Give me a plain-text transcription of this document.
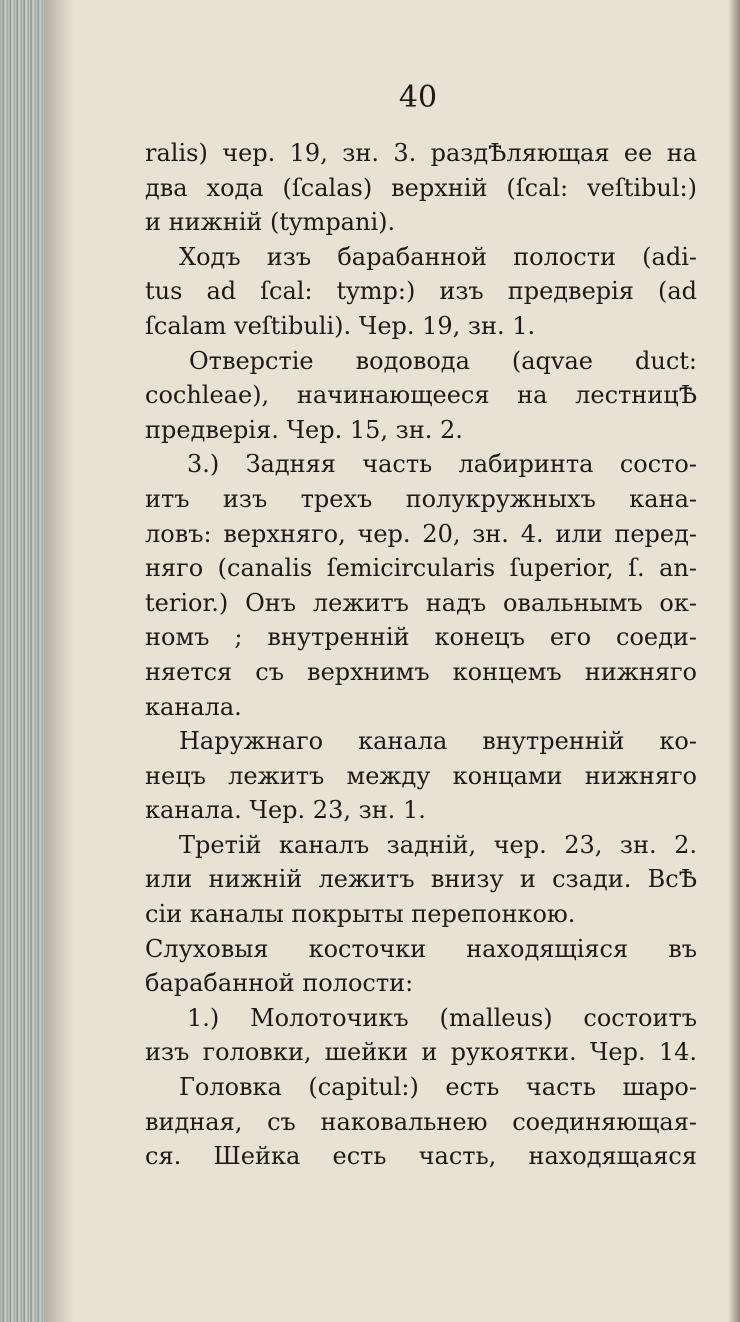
40
ralis) чер. 19, зн. 3. раздѢляющая ее на
два хода (ſcalas) верхній (ſcal: veſtibul:)
и нижній (tympani).
Ходъ изъ барабанной полости (adi-
tus ad ſcal: tymp:) изъ предверія (ad
ſcalam veſtibuli). Чер. 19, зн. 1.
Отверстіе водовода (aqvae duct:
cochleae), начинающееся на лестницѢ
предверія. Чер. 15, зн. 2.
3.) Задняя часть лабиринта состо-
итъ изъ трехъ полукружныхъ кана-
ловъ: верхняго, чер. 20, зн. 4. или перед-
няго (canalis ſemicircularis ſuperior, ſ. an-
terior.) Онъ лежитъ надъ овальнымъ ок-
номъ ; внутренній конецъ его соеди-
няется съ верхнимъ концемъ нижняго
канала.
Наружнаго канала внутренній ко-
нецъ лежитъ между концами нижняго
канала. Чер. 23, зн. 1.
Третій каналъ задній, чер. 23, зн. 2.
или нижній лежитъ внизу и сзади. ВсѢ
сіи каналы покрыты перепонкою.
Слуховыя косточки находящіяся въ
барабанной полости:
1.) Молоточикъ (malleus) состоитъ
изъ головки, шейки и рукоятки. Чер. 14.
Головка (capitul:) есть часть шаро-
видная, съ наковальнею соединяющая-
ся. Шейка есть часть, находящаяся
